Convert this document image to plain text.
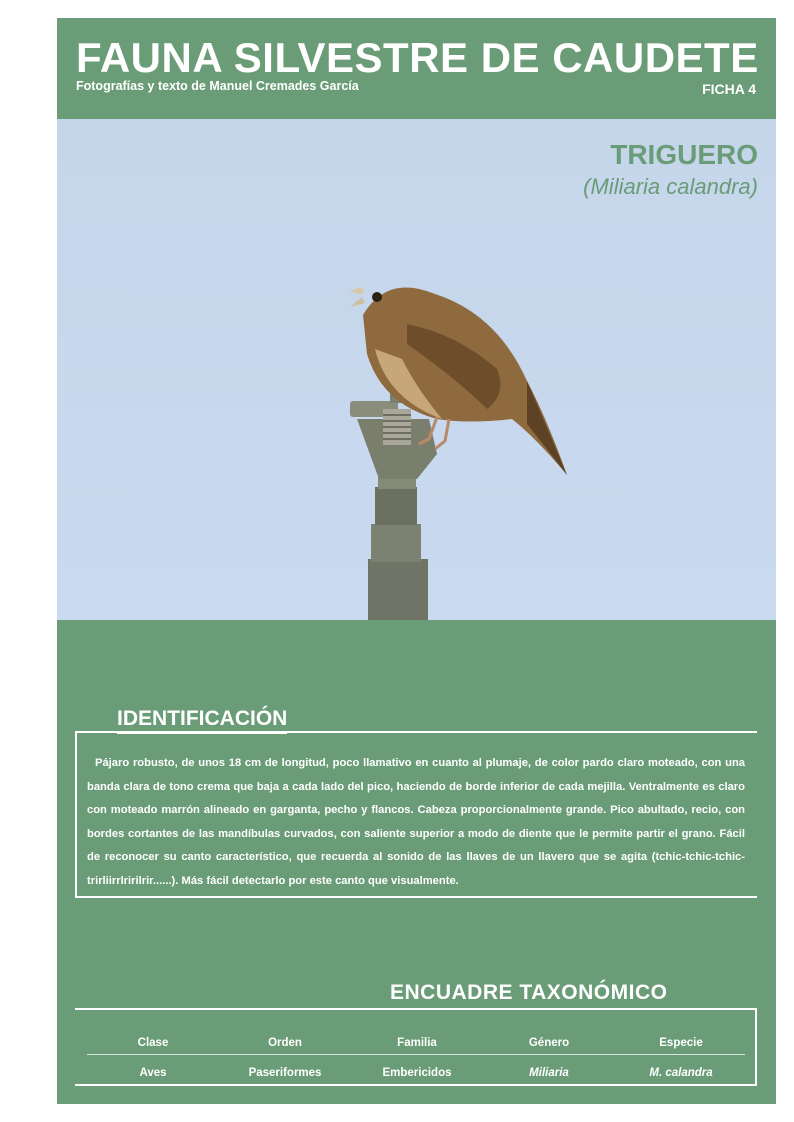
FAUNA SILVESTRE DE CAUDETE
Fotografías y texto de Manuel Cremades García	FICHA 4
TRIGUERO
(Miliaria calandra)
IDENTIFICACIÓN
Pájaro robusto, de unos 18 cm de longitud, poco llamativo en cuanto al plumaje, de color pardo claro moteado, con una banda clara de tono crema que baja a cada lado del pico, haciendo de borde inferior de cada mejilla. Ventralmente es claro con moteado marrón alineado en garganta, pecho y flancos. Cabeza proporcionalmente grande. Pico abultado, recio, con bordes cortantes de las mandíbulas curvados, con saliente superior a modo de diente que le permite partir el grano. Fácil de reconocer su canto característico, que recuerda al sonido de las llaves de un llavero que se agita (tchic-tchic-tchic-trirliirrlririlrir......). Más fácil detectarlo por este canto que visualmente.
ENCUADRE TAXONÓMICO
Clase	Orden	Familia	Género	Especie
Aves	Paseriformes	Embericidos	Miliaria	M. calandra
